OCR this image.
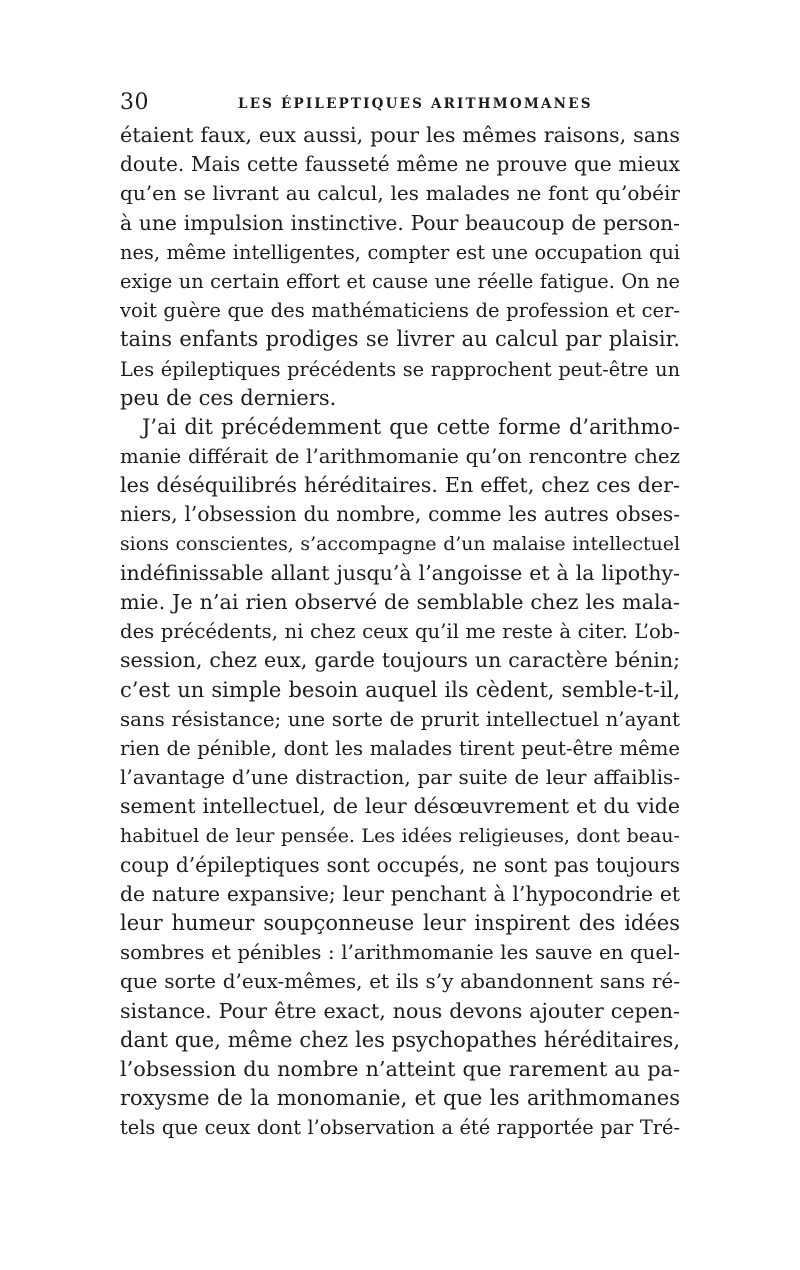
30	LES ÉPILEPTIQUES ARITHMOMANES
étaient faux, eux aussi, pour les mêmes raisons, sans
doute. Mais cette fausseté même ne prouve que mieux
qu’en se livrant au calcul, les malades ne font qu’obéir
à une impulsion instinctive. Pour beaucoup de person-
nes, même intelligentes, compter est une occupation qui
exige un certain effort et cause une réelle fatigue. On ne
voit guère que des mathématiciens de profession et cer-
tains enfants prodiges se livrer au calcul par plaisir.
Les épileptiques précédents se rapprochent peut-être un
peu de ces derniers.
J’ai dit précédemment que cette forme d’arithmo-
manie différait de l’arithmomanie qu’on rencontre chez
les déséquilibrés héréditaires. En effet, chez ces der-
niers, l’obsession du nombre, comme les autres obses-
sions conscientes, s’accompagne d’un malaise intellectuel
indéfinissable allant jusqu’à l’angoisse et à la lipothy-
mie. Je n’ai rien observé de semblable chez les mala-
des précédents, ni chez ceux qu’il me reste à citer. L’ob-
session, chez eux, garde toujours un caractère bénin;
c’est un simple besoin auquel ils cèdent, semble-t-il,
sans résistance; une sorte de prurit intellectuel n’ayant
rien de pénible, dont les malades tirent peut-être même
l’avantage d’une distraction, par suite de leur affaiblis-
sement intellectuel, de leur désœuvrement et du vide
habituel de leur pensée. Les idées religieuses, dont beau-
coup d’épileptiques sont occupés, ne sont pas toujours
de nature expansive; leur penchant à l’hypocondrie et
leur humeur soupçonneuse leur inspirent des idées
sombres et pénibles : l’arithmomanie les sauve en quel-
que sorte d’eux-mêmes, et ils s’y abandonnent sans ré-
sistance. Pour être exact, nous devons ajouter cepen-
dant que, même chez les psychopathes héréditaires,
l’obsession du nombre n’atteint que rarement au pa-
roxysme de la monomanie, et que les arithmomanes
tels que ceux dont l’observation a été rapportée par Tré-
